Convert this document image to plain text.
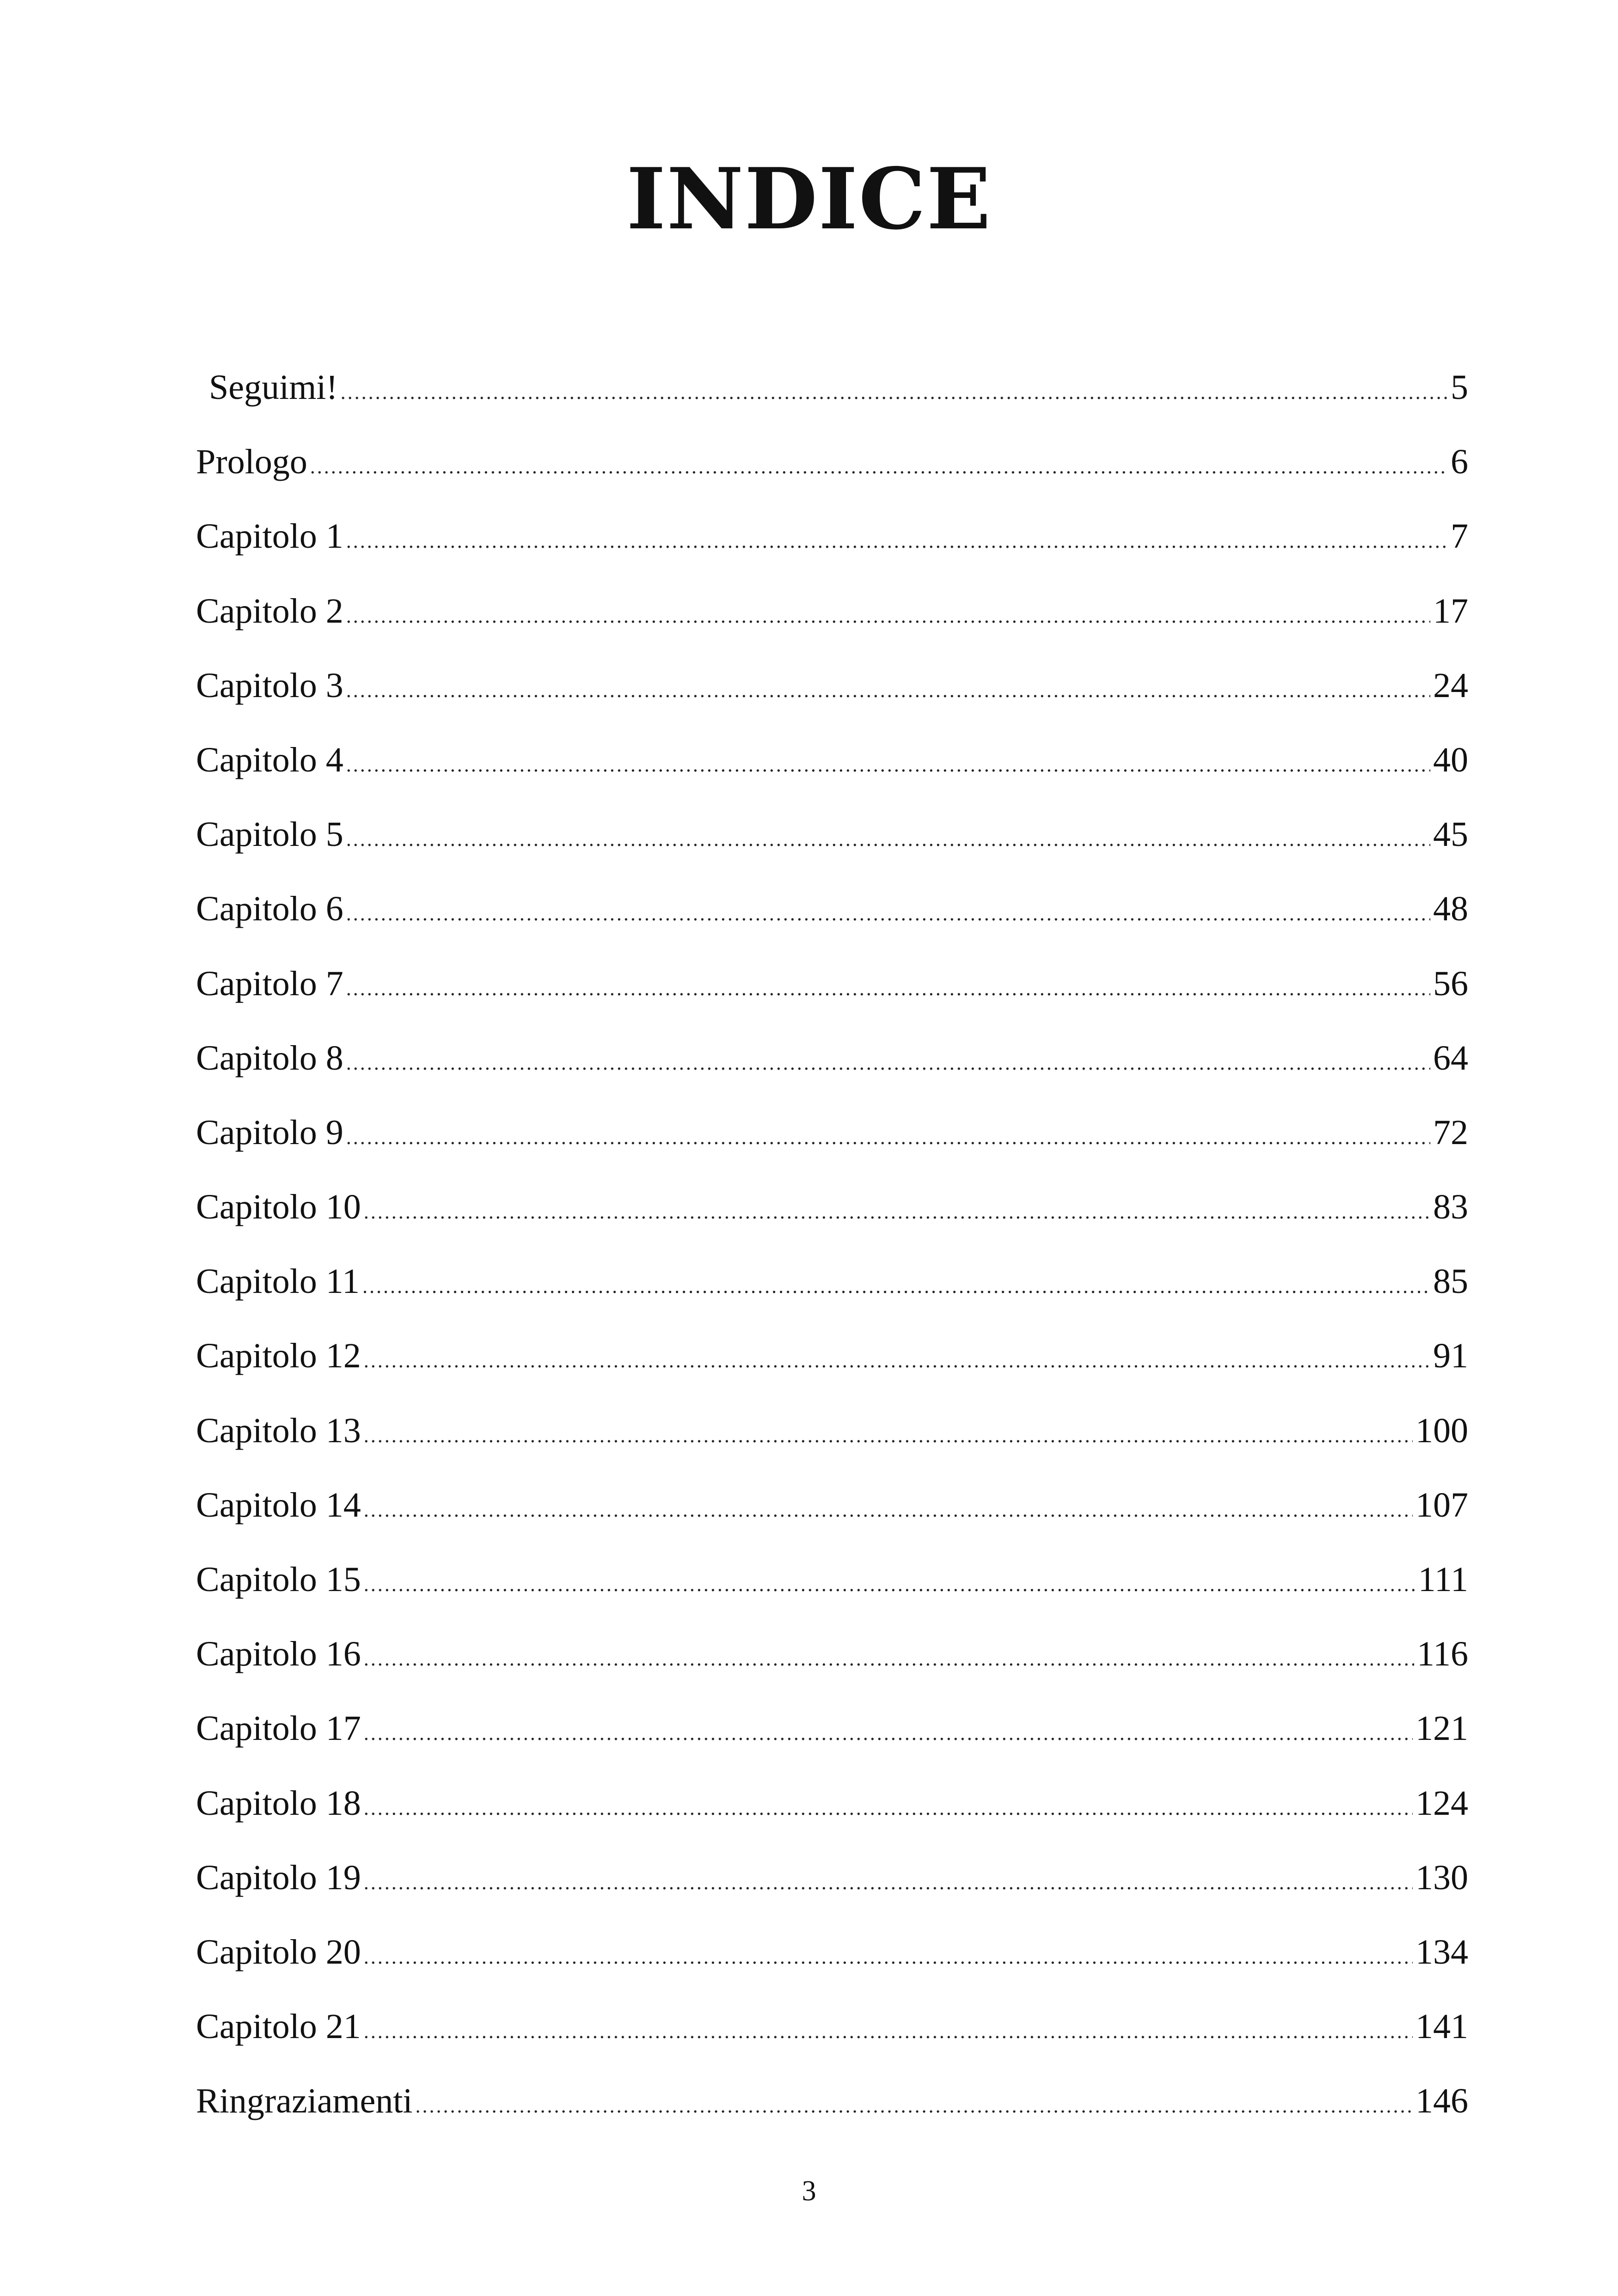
INDICE
Seguimi! .....	5
Prologo .....	6
Capitolo 1 .....	7
Capitolo 2 .....	17
Capitolo 3 .....	24
Capitolo 4 .....	40
Capitolo 5 .....	45
Capitolo 6 .....	48
Capitolo 7 .....	56
Capitolo 8 .....	64
Capitolo 9 .....	72
Capitolo 10 .....	83
Capitolo 11 .....	85
Capitolo 12 .....	91
Capitolo 13 .....	100
Capitolo 14 .....	107
Capitolo 15 .....	111
Capitolo 16 .....	116
Capitolo 17 .....	121
Capitolo 18 .....	124
Capitolo 19 .....	130
Capitolo 20 .....	134
Capitolo 21 .....	141
Ringraziamenti .....	146
3
